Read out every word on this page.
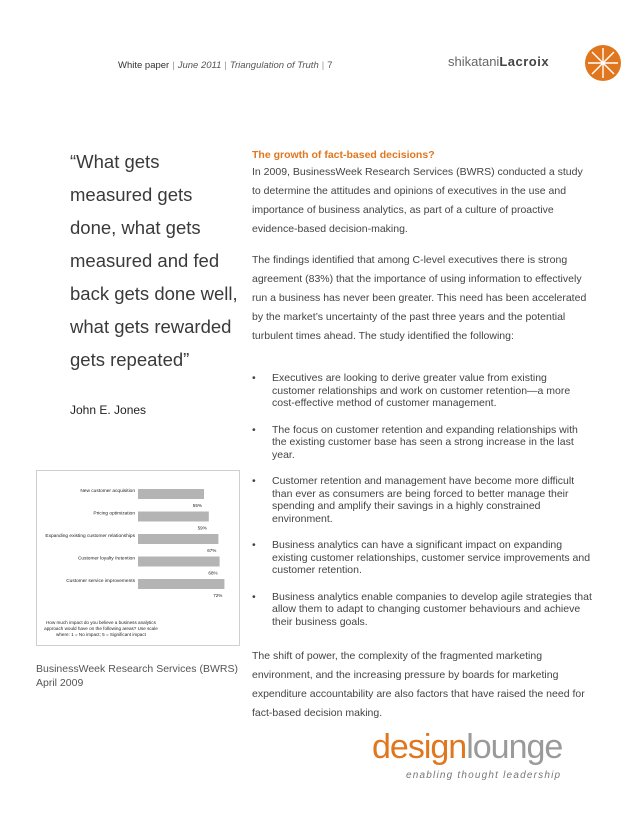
White paper | June 2011 | Triangulation of Truth | 7	shikataniLacroix
“What gets measured gets done, what gets measured and fed back gets done well, what gets rewarded gets repeated”
John E. Jones
New customer acquisition
55%
Pricing optimization
59%
Expanding existing customer relationships
67%
Customer loyalty /retention
68%
Customer service improvements
72%
How much impact do you believe a business analytics approach would have on the following areas? Use scale where: 1 = No impact; 5 = Significant impact
BusinessWeek Research Services (BWRS)
April 2009
The growth of fact-based decisions?

In 2009, BusinessWeek Research Services (BWRS) conducted a study to determine the attitudes and opinions of executives in the use and importance of business analytics, as part of a culture of proactive evidence-based decision-making.

The findings identified that among C-level executives there is strong agreement (83%) that the importance of using information to effectively run a business has never been greater. This need has been accelerated by the market’s uncertainty of the past three years and the potential turbulent times ahead. The study identified the following:

• Executives are looking to derive greater value from existing customer relationships and work on customer retention—a more cost-effective method of customer management.
• The focus on customer retention and expanding relationships with the existing customer base has seen a strong increase in the last year.
• Customer retention and management have become more difficult than ever as consumers are being forced to better manage their spending and amplify their savings in a highly constrained environment.
• Business analytics can have a significant impact on expanding existing customer relationships, customer service improvements and customer retention.
• Business analytics enable companies to develop agile strategies that allow them to adapt to changing customer behaviours and achieve their business goals.
The shift of power, the complexity of the fragmented marketing environment, and the increasing pressure by boards for marketing expenditure accountability are also factors that have raised the need for fact-based decision making.
designlounge
enabling thought leadership
